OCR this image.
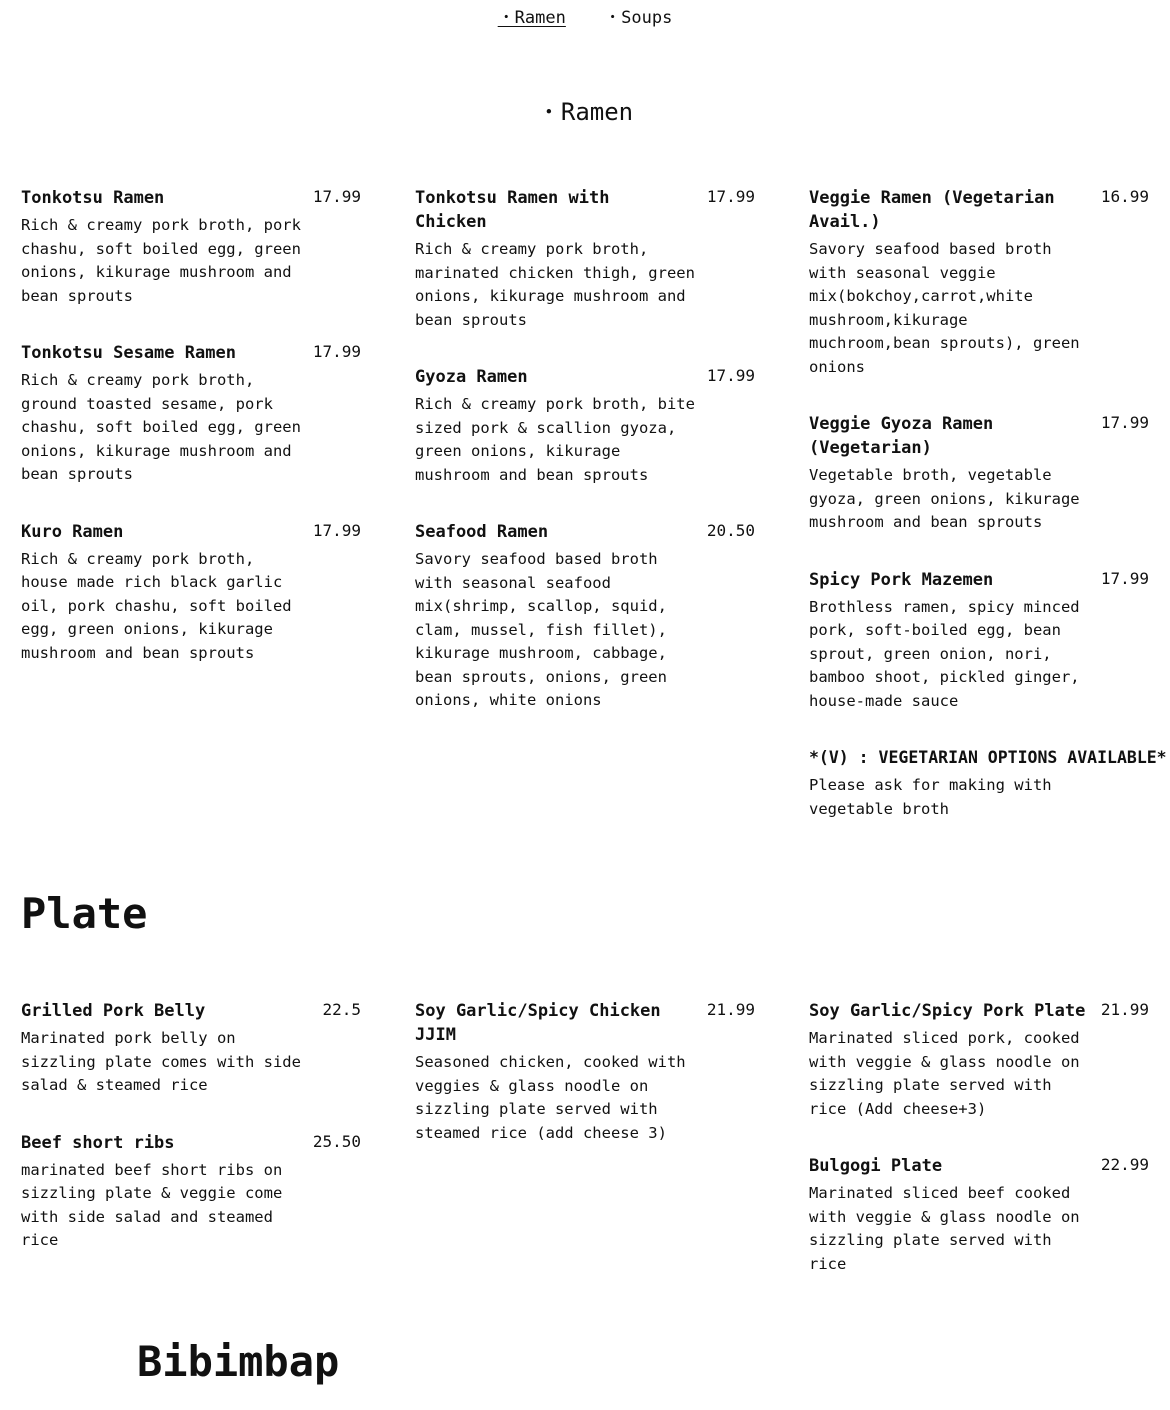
・Ramen ・Soups
・Ramen
Tonkotsu Ramen	17.99
Rich & creamy pork broth, pork chashu, soft boiled egg, green onions, kikurage mushroom and bean sprouts
Tonkotsu Sesame Ramen	17.99
Rich & creamy pork broth, ground toasted sesame, pork chashu, soft boiled egg, green onions, kikurage mushroom and bean sprouts
Kuro Ramen	17.99
Rich & creamy pork broth, house made rich black garlic oil, pork chashu, soft boiled egg, green onions, kikurage mushroom and bean sprouts
Tonkotsu Ramen with Chicken
17.99
Rich & creamy pork broth, marinated chicken thigh, green onions, kikurage mushroom and bean sprouts
Gyoza Ramen	17.99
Rich & creamy pork broth, bite sized pork & scallion gyoza, green onions, kikurage mushroom and bean sprouts
Seafood Ramen	20.50
Savory seafood based broth with seasonal seafood mix(shrimp, scallop, squid, clam, mussel, fish fillet), kikurage mushroom, cabbage, bean sprouts, onions, green onions, white onions
Veggie Ramen (Vegetarian Avail.)
16.99
Savory seafood based broth with seasonal veggie mix(bokchoy,carrot,white mushroom,kikurage muchroom,bean sprouts), green onions
Veggie Gyoza Ramen (Vegetarian)
17.99
Vegetable broth, vegetable gyoza, green onions, kikurage mushroom and bean sprouts
Spicy Pork Mazemen	17.99
Brothless ramen, spicy minced pork, soft-boiled egg, bean sprout, green onion, nori, bamboo shoot, pickled ginger, house-made sauce
*(V) : VEGETARIAN OPTIONS AVAILABLE*
Please ask for making with vegetable broth
Plate
Grilled Pork Belly	22.5
Marinated pork belly on sizzling plate comes with side salad & steamed rice
Beef short ribs	25.50
marinated beef short ribs on sizzling plate & veggie come with side salad and steamed rice
Soy Garlic/Spicy Chicken JJIM
21.99
Seasoned chicken, cooked with veggies & glass noodle on sizzling plate served with steamed rice (add cheese 3)
Soy Garlic/Spicy Pork Plate 21.99
Marinated sliced pork, cooked with veggie & glass noodle on sizzling plate served with rice (Add cheese+3)
Bulgogi Plate	22.99
Marinated sliced beef cooked with veggie & glass noodle on sizzling plate served with rice
Bibimbap
